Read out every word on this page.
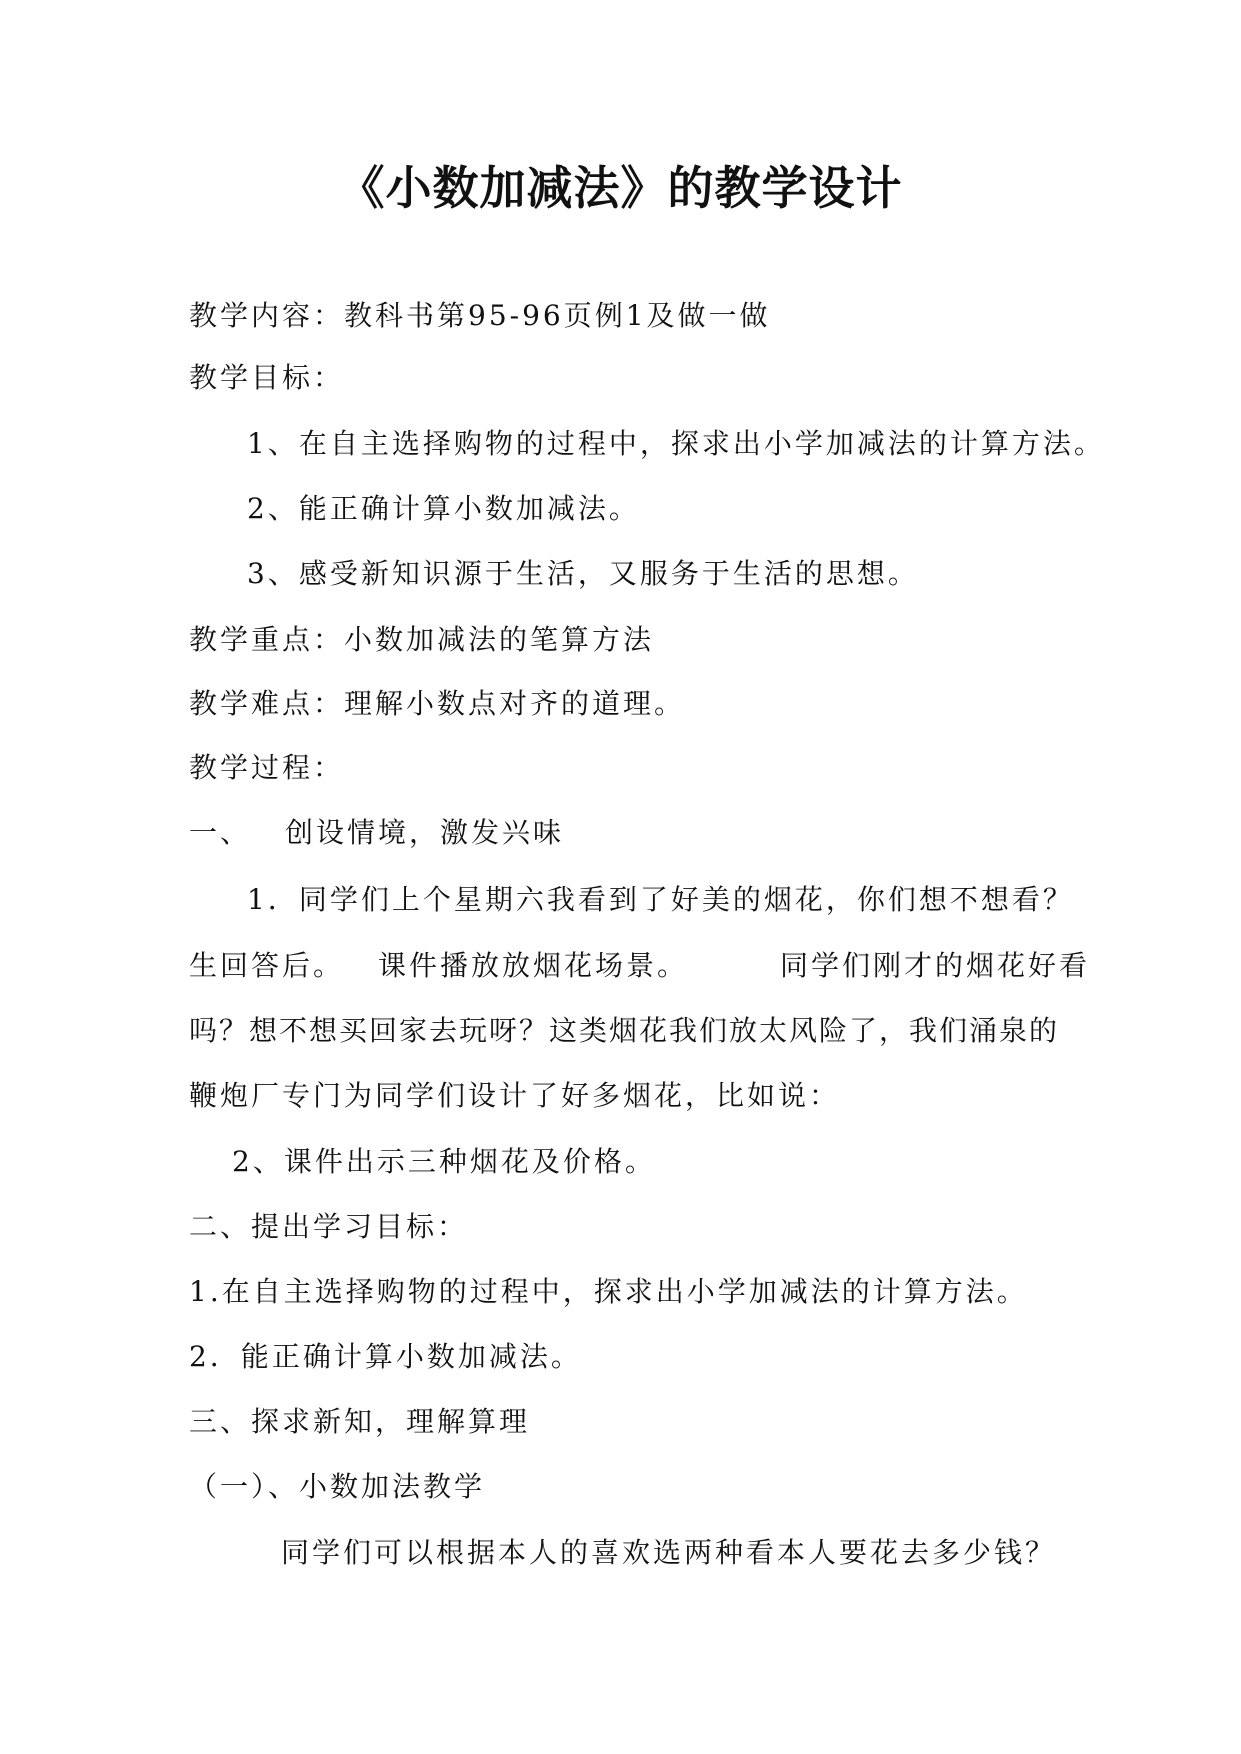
《小数加减法》的教学设计
教学内容：教科书第95-96页例1及做一做
教学目标：
1、在自主选择购物的过程中，探求出小学加减法的计算方法。
2、能正确计算小数加减法。
3、感受新知识源于生活，又服务于生活的思想。
教学重点：小数加减法的笔算方法
教学难点：理解小数点对齐的道理。
教学过程：
一、 创设情境，激发兴味
1．同学们上个星期六我看到了好美的烟花，你们想不想看？
生回答后。 课件播放放烟花场景。	同学们刚才的烟花好看
吗？想不想买回家去玩呀？这类烟花我们放太风险了，我们涌泉的
鞭炮厂专门为同学们设计了好多烟花，比如说：
2、课件出示三种烟花及价格。
二、提出学习目标：
1.在自主选择购物的过程中，探求出小学加减法的计算方法。
2．能正确计算小数加减法。
三、探求新知，理解算理
（一）、小数加法教学
同学们可以根据本人的喜欢选两种看本人要花去多少钱？
